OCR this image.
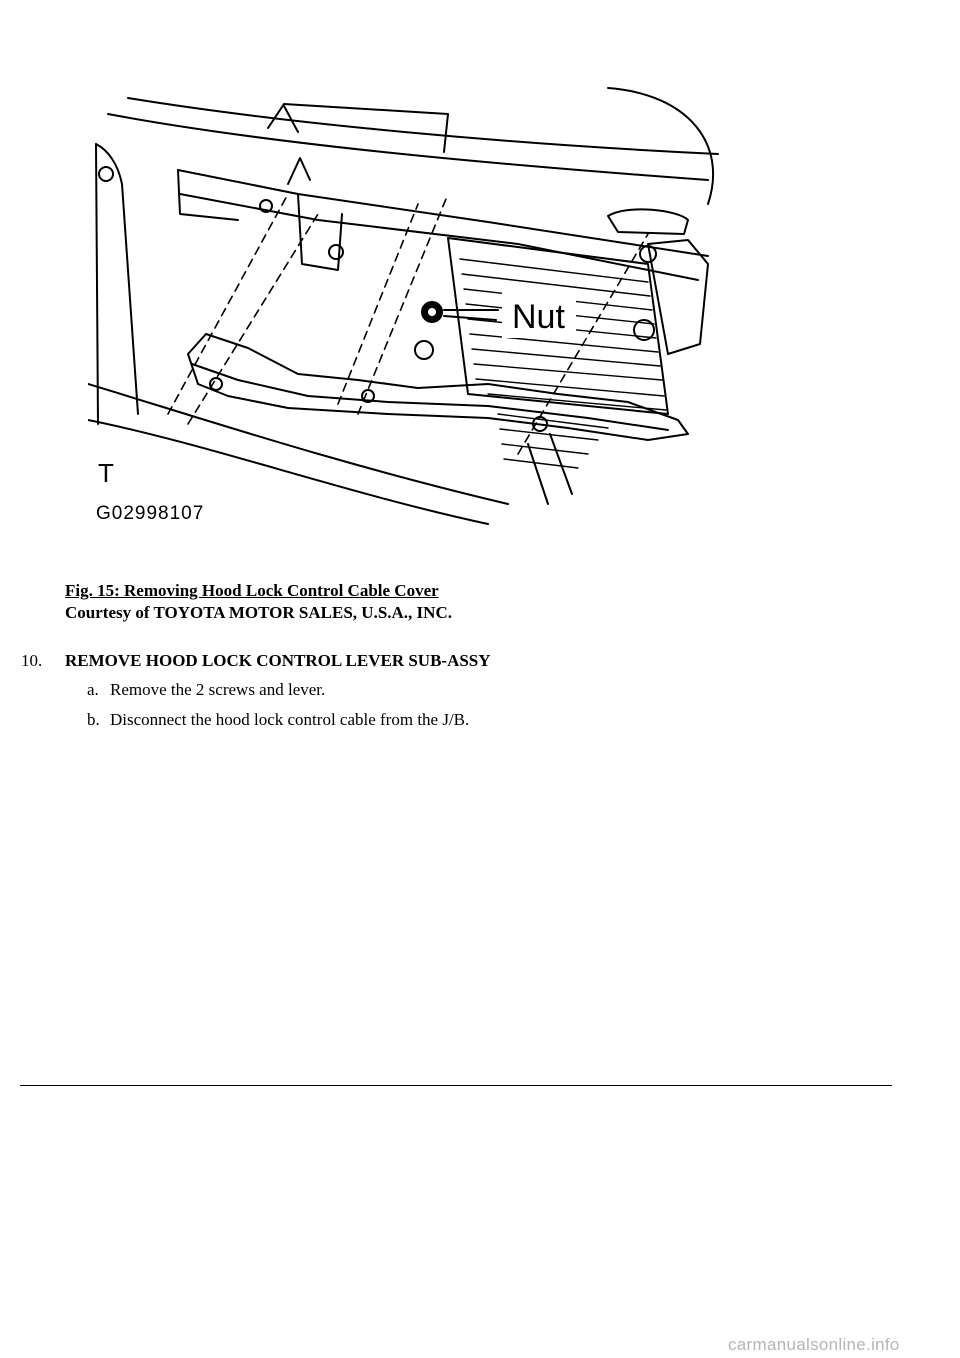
Nut
T
G02998107
Fig. 15: Removing Hood Lock Control Cable Cover
Courtesy of TOYOTA MOTOR SALES, U.S.A., INC.
10. REMOVE HOOD LOCK CONTROL LEVER SUB-ASSY
a. Remove the 2 screws and lever.
b. Disconnect the hood lock control cable from the J/B.
carmanualsonline.info
